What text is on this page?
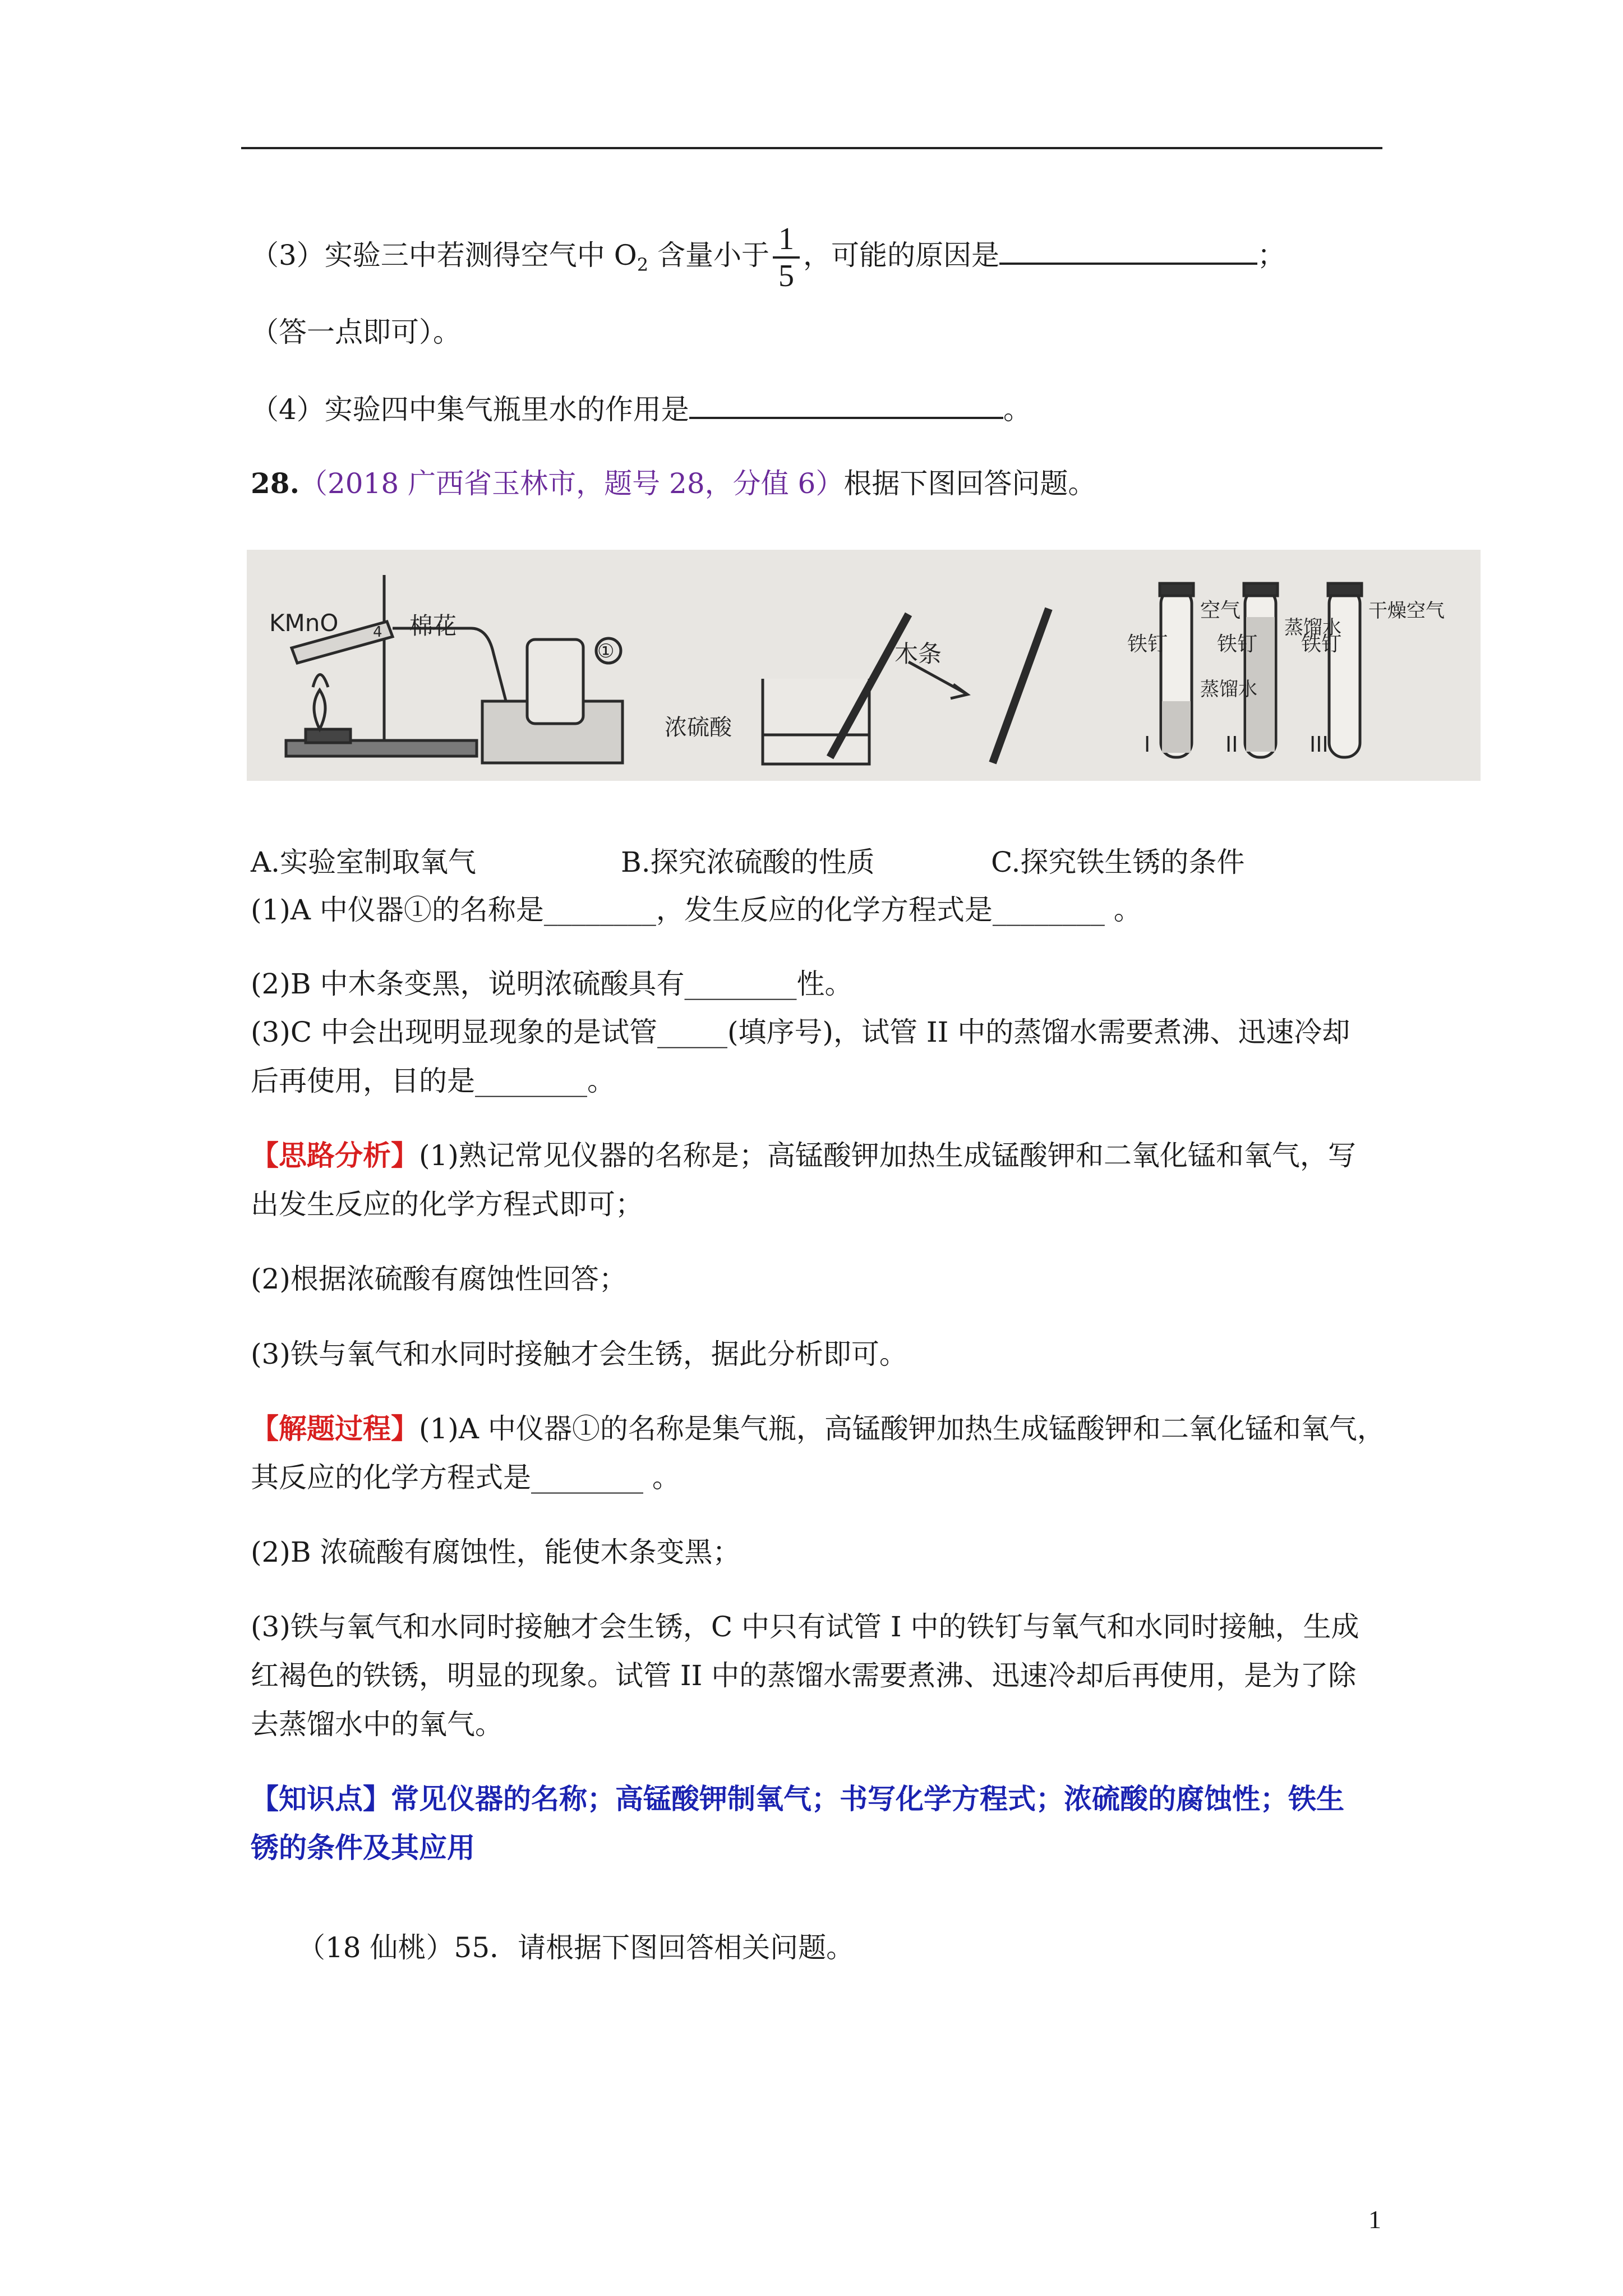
（3）实验三中若测得空气中 $O_2$ 含量小于 $\frac{1}{5}$ ，可能的原因是	；
（答一点即可）。
（4）实验四中集气瓶里水的作用是	。
28.（2018 广西省玉林市，题号 28，分值 6）根据下图回答问题。
KMnO 4 棉花
①	木条
浓硫酸
铁钉
空气
蒸馏水
铁钉
蒸馏水
铁钉
干燥空气
I	II	III
A.实验室制取氧气	B.探究浓硫酸的性质	C.探究铁生锈的条件
(1)A 中仪器①的名称是________，发生反应的化学方程式是________ 。
(2)B 中木条变黑，说明浓硫酸具有________性。
(3)C 中会出现明显现象的是试管_____(填序号)，试管 II 中的蒸馏水需要煮沸、迅速冷却
后再使用，目的是________。
【思路分析】(1)熟记常见仪器的名称是；高锰酸钾加热生成锰酸钾和二氧化锰和氧气，写
出发生反应的化学方程式即可；
(2)根据浓硫酸有腐蚀性回答；
(3)铁与氧气和水同时接触才会生锈，据此分析即可。
【解题过程】(1)A 中仪器①的名称是集气瓶，高锰酸钾加热生成锰酸钾和二氧化锰和氧气，
其反应的化学方程式是________ 。
(2)B 浓硫酸有腐蚀性，能使木条变黑；
(3)铁与氧气和水同时接触才会生锈，C 中只有试管 I 中的铁钉与氧气和水同时接触，生成
红褐色的铁锈，明显的现象。试管 II 中的蒸馏水需要煮沸、迅速冷却后再使用，是为了除
去蒸馏水中的氧气。
【知识点】常见仪器的名称；高锰酸钾制氧气；书写化学方程式；浓硫酸的腐蚀性；铁生
锈的条件及其应用
（18 仙桃）55．请根据下图回答相关问题。
1
